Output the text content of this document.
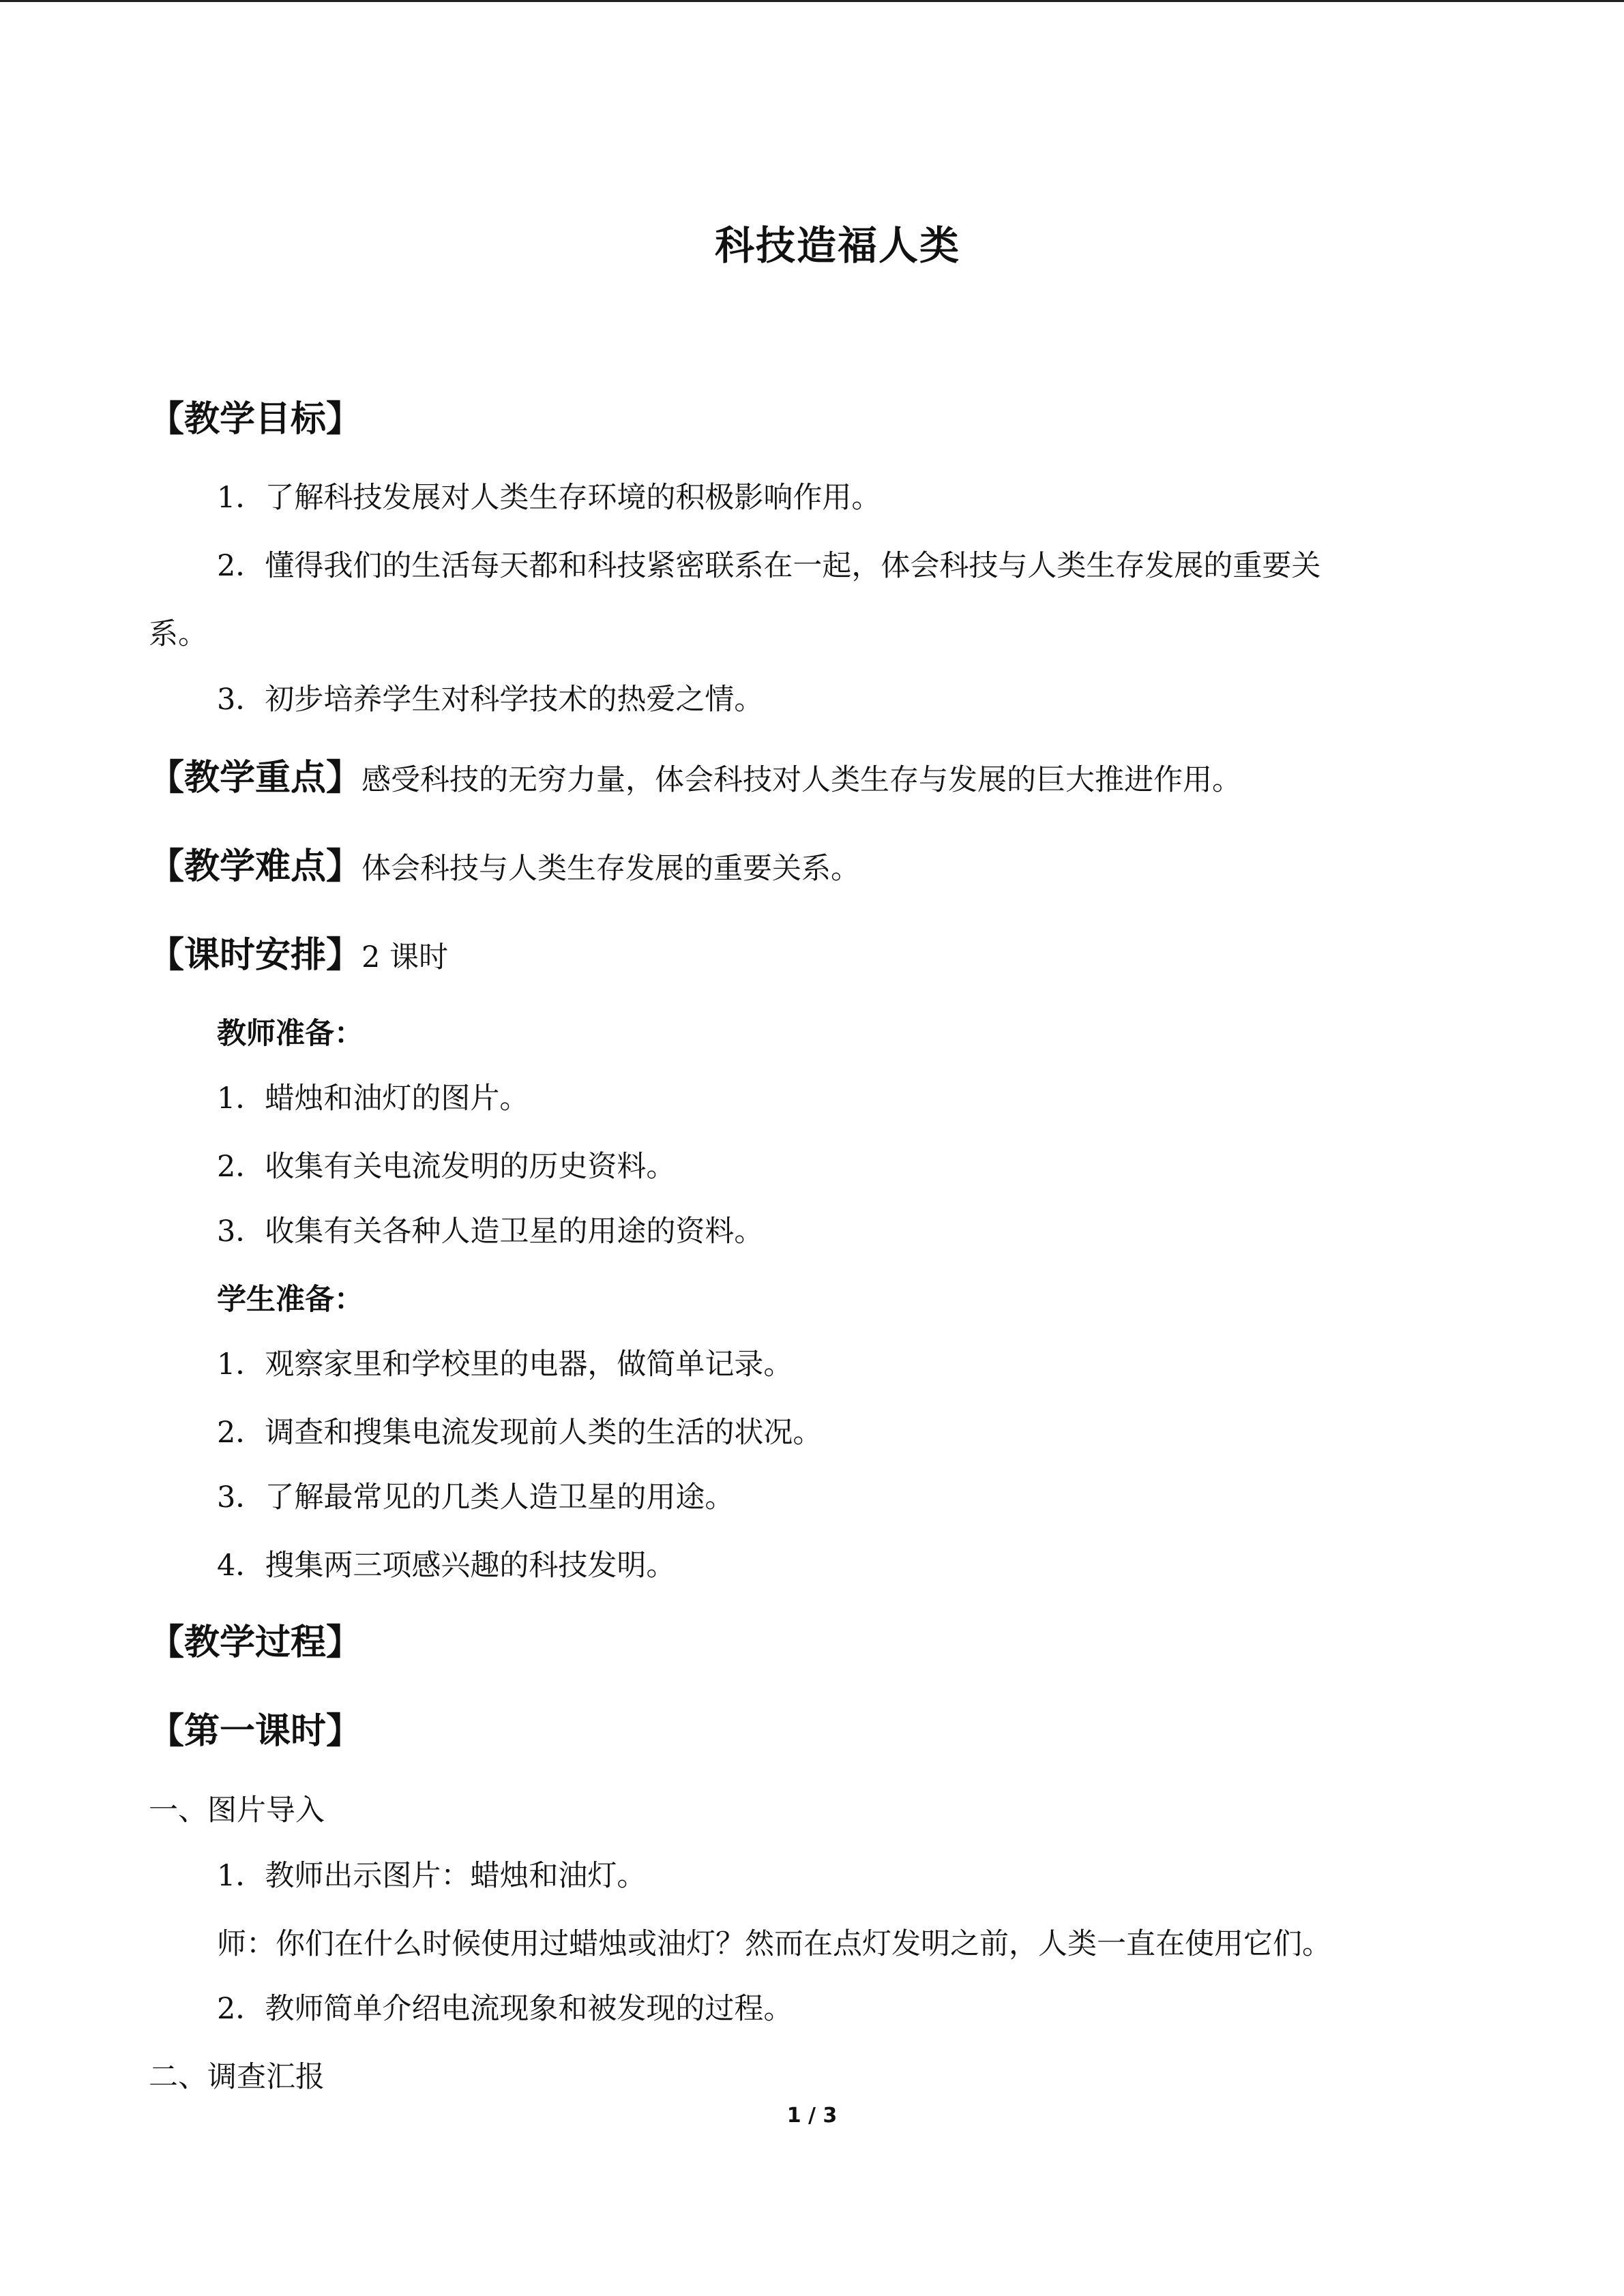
科技造福人类
【教学目标】
1．了解科技发展对人类生存环境的积极影响作用。
2．懂得我们的生活每天都和科技紧密联系在一起，体会科技与人类生存发展的重要关
系。
3．初步培养学生对科学技术的热爱之情。
【教学重点】感受科技的无穷力量，体会科技对人类生存与发展的巨大推进作用。
【教学难点】体会科技与人类生存发展的重要关系。
【课时安排】2 课时
教师准备：
1．蜡烛和油灯的图片。
2．收集有关电流发明的历史资料。
3．收集有关各种人造卫星的用途的资料。
学生准备：
1．观察家里和学校里的电器，做简单记录。
2．调查和搜集电流发现前人类的生活的状况。
3．了解最常见的几类人造卫星的用途。
4．搜集两三项感兴趣的科技发明。
【教学过程】
【第一课时】
一、图片导入
1．教师出示图片：蜡烛和油灯。
师：你们在什么时候使用过蜡烛或油灯？然而在点灯发明之前，人类一直在使用它们。
2．教师简单介绍电流现象和被发现的过程。
二、调查汇报
1 / 3
